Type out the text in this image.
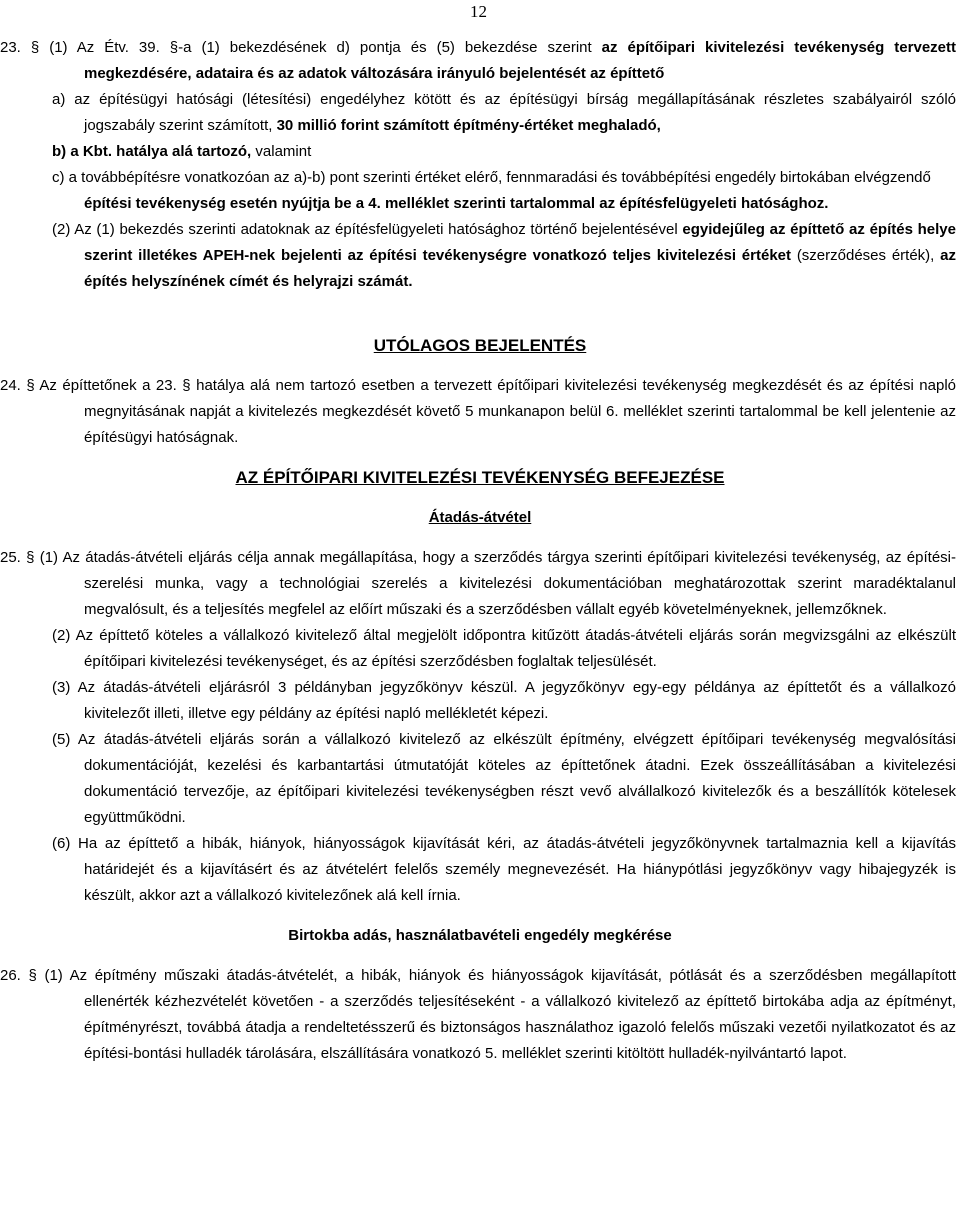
12

23. § (1) Az Étv. 39. §-a (1) bekezdésének d) pontja és (5) bekezdése szerint az építőipari kivitelezési tevékenység tervezett megkezdésére, adataira és az adatok változására irányuló bejelentését az építtető

a) az építésügyi hatósági (létesítési) engedélyhez kötött és az építésügyi bírság megállapításának részletes szabályairól szóló jogszabály szerint számított, 30 millió forint számított építmény-értéket meghaladó,

b) a Kbt. hatálya alá tartozó, valamint

c) a továbbépítésre vonatkozóan az a)-b) pont szerinti értéket elérő, fennmaradási és továbbépítési engedély birtokában elvégzendő

építési tevékenység esetén nyújtja be a 4. melléklet szerinti tartalommal az építésfelügyeleti hatósághoz.

(2) Az (1) bekezdés szerinti adatoknak az építésfelügyeleti hatósághoz történő bejelentésével egyidejűleg az építtető az építés helye szerint illetékes APEH-nek bejelenti az építési tevékenységre vonatkozó teljes kivitelezési értéket (szerződéses érték), az építés helyszínének címét és helyrajzi számát.

UTÓLAGOS BEJELENTÉS

24. § Az építtetőnek a 23. § hatálya alá nem tartozó esetben a tervezett építőipari kivitelezési tevékenység megkezdését és az építési napló megnyitásának napját a kivitelezés megkezdését követő 5 munkanapon belül 6. melléklet szerinti tartalommal be kell jelentenie az építésügyi hatóságnak.

AZ ÉPÍTŐIPARI KIVITELEZÉSI TEVÉKENYSÉG BEFEJEZÉSE

Átadás-átvétel

25. § (1) Az átadás-átvételi eljárás célja annak megállapítása, hogy a szerződés tárgya szerinti építőipari kivitelezési tevékenység, az építési-szerelési munka, vagy a technológiai szerelés a kivitelezési dokumentációban meghatározottak szerint maradéktalanul megvalósult, és a teljesítés megfelel az előírt műszaki és a szerződésben vállalt egyéb követelményeknek, jellemzőknek.

(2) Az építtető köteles a vállalkozó kivitelező által megjelölt időpontra kitűzött átadás-átvételi eljárás során megvizsgálni az elkészült építőipari kivitelezési tevékenységet, és az építési szerződésben foglaltak teljesülését.

(3) Az átadás-átvételi eljárásról 3 példányban jegyzőkönyv készül. A jegyzőkönyv egy-egy példánya az építtetőt és a vállalkozó kivitelezőt illeti, illetve egy példány az építési napló mellékletét képezi.

(5) Az átadás-átvételi eljárás során a vállalkozó kivitelező az elkészült építmény, elvégzett építőipari tevékenység megvalósítási dokumentációját, kezelési és karbantartási útmutatóját köteles az építtetőnek átadni. Ezek összeállításában a kivitelezési dokumentáció tervezője, az építőipari kivitelezési tevékenységben részt vevő alvállalkozó kivitelezők és a beszállítók kötelesek együttműködni.

(6) Ha az építtető a hibák, hiányok, hiányosságok kijavítását kéri, az átadás-átvételi jegyzőkönyvnek tartalmaznia kell a kijavítás határidejét és a kijavításért és az átvételért felelős személy megnevezését. Ha hiánypótlási jegyzőkönyv vagy hibajegyzék is készült, akkor azt a vállalkozó kivitelezőnek alá kell írnia.

Birtokba adás, használatbavételi engedély megkérése

26. § (1) Az építmény műszaki átadás-átvételét, a hibák, hiányok és hiányosságok kijavítását, pótlását és a szerződésben megállapított ellenérték kézhezvételét követően - a szerződés teljesítéseként - a vállalkozó kivitelező az építtető birtokába adja az építményt, építményrészt, továbbá átadja a rendeltetésszerű és biztonságos használathoz igazoló felelős műszaki vezetői nyilatkozatot és az építési-bontási hulladék tárolására, elszállítására vonatkozó 5. melléklet szerinti kitöltött hulladék-nyilvántartó lapot.
